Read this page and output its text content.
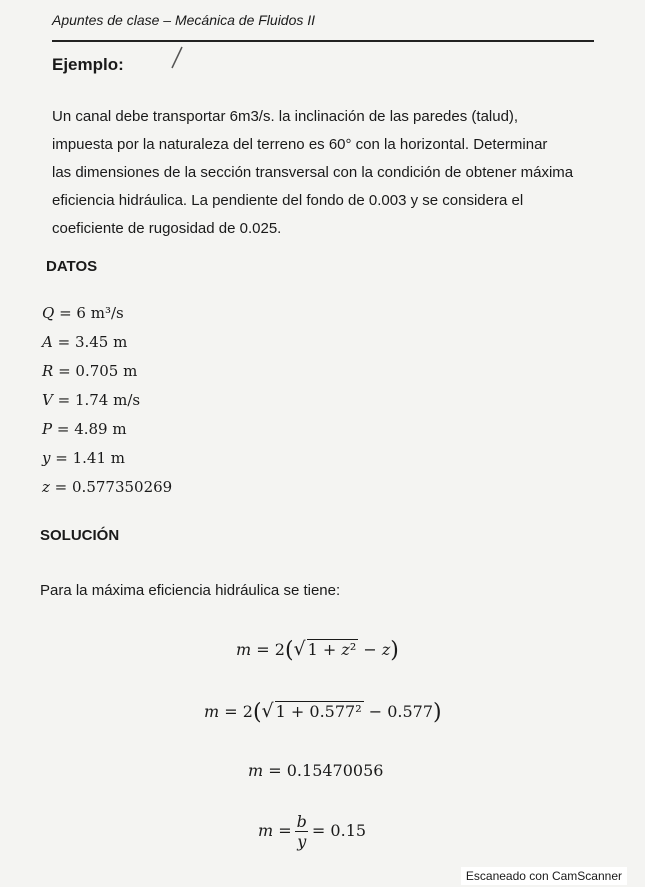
Apuntes de clase – Mecánica de Fluidos II
Ejemplo:
Un canal debe transportar 6m3/s. la inclinación de las paredes (talud),
impuesta por la naturaleza del terreno es 60° con la horizontal. Determinar
las dimensiones de la sección transversal con la condición de obtener máxima
eficiencia hidráulica. La pendiente del fondo de 0.003 y se considera el
coeficiente de rugosidad de 0.025.
DATOS
Q = 6 m³/s
A = 3.45 m
R = 0.705 m
V = 1.74 m/s
P = 4.89 m
y = 1.41 m
z = 0.577350269
SOLUCIÓN
Para la máxima eficiencia hidráulica se tiene:
m = 2(√ 1 + z² − z)
m = 2(√ 1 + 0.577² − 0.577)
m = 0.15470056
$m = \frac{b}{y} = 0.15$
Escaneado con CamScanner
